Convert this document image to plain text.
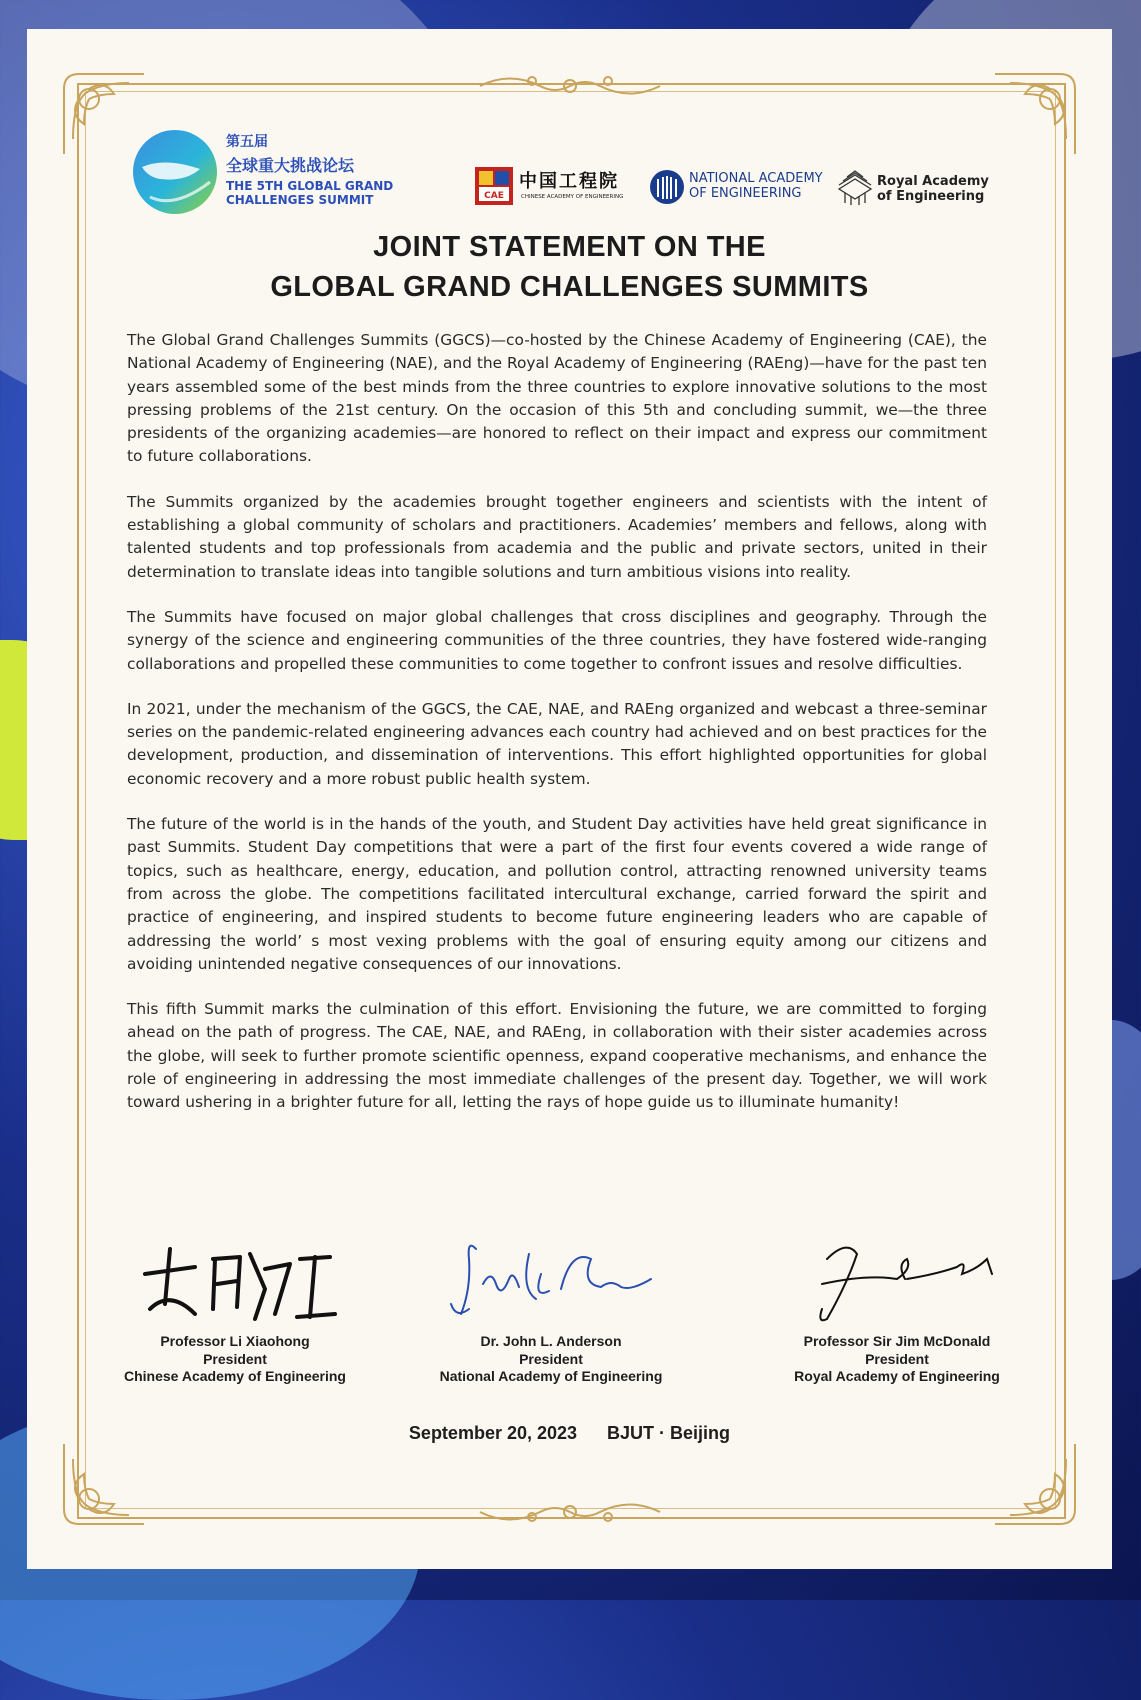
第五届
全球重大挑战论坛
THE 5TH GLOBAL GRAND
CHALLENGES SUMMIT	CAE
中国工程院
CHINESE ACADEMY OF ENGINEERING
NATIONAL ACADEMY
OF ENGINEERING
Royal Academy
of Engineering
JOINT STATEMENT ON THE
GLOBAL GRAND CHALLENGES SUMMITS

The Global Grand Challenges Summits (GGCS)—co-hosted by the Chinese Academy of Engineering (CAE), the National Academy of Engineering (NAE), and the Royal Academy of Engineering (RAEng)—have for the past ten years assembled some of the best minds from the three countries to explore innovative solutions to the most pressing problems of the 21st century. On the occasion of this 5th and concluding summit, we—the three presidents of the organizing academies—are honored to reflect on their impact and express our commitment to future collaborations.

The Summits organized by the academies brought together engineers and scientists with the intent of establishing a global community of scholars and practitioners. Academies’ members and fellows, along with talented students and top professionals from academia and the public and private sectors, united in their determination to translate ideas into tangible solutions and turn ambitious visions into reality.

The Summits have focused on major global challenges that cross disciplines and geography. Through the synergy of the science and engineering communities of the three countries, they have fostered wide-ranging collaborations and propelled these communities to come together to confront issues and resolve difficulties.

In 2021, under the mechanism of the GGCS, the CAE, NAE, and RAEng organized and webcast a three-seminar series on the pandemic-related engineering advances each country had achieved and on best practices for the development, production, and dissemination of interventions. This effort highlighted opportunities for global economic recovery and a more robust public health system.

The future of the world is in the hands of the youth, and Student Day activities have held great significance in past Summits. Student Day competitions that were a part of the first four events covered a wide range of topics, such as healthcare, energy, education, and pollution control, attracting renowned university teams from across the globe. The competitions facilitated intercultural exchange, carried forward the spirit and practice of engineering, and inspired students to become future engineering leaders who are capable of addressing the world’ s most vexing problems with the goal of ensuring equity among our citizens and avoiding unintended negative consequences of our innovations.

This fifth Summit marks the culmination of this effort. Envisioning the future, we are committed to forging ahead on the path of progress. The CAE, NAE, and RAEng, in collaboration with their sister academies across the globe, will seek to further promote scientific openness, expand cooperative mechanisms, and enhance the role of engineering in addressing the most immediate challenges of the present day. Together, we will work toward ushering in a brighter future for all, letting the rays of hope guide us to illuminate humanity!

Professor Li Xiaohong
President
Chinese Academy of Engineering
Dr. John L. Anderson
President
National Academy of Engineering
Professor Sir Jim McDonald
President
Royal Academy of Engineering
September 20, 2023 BJUT · Beijing
